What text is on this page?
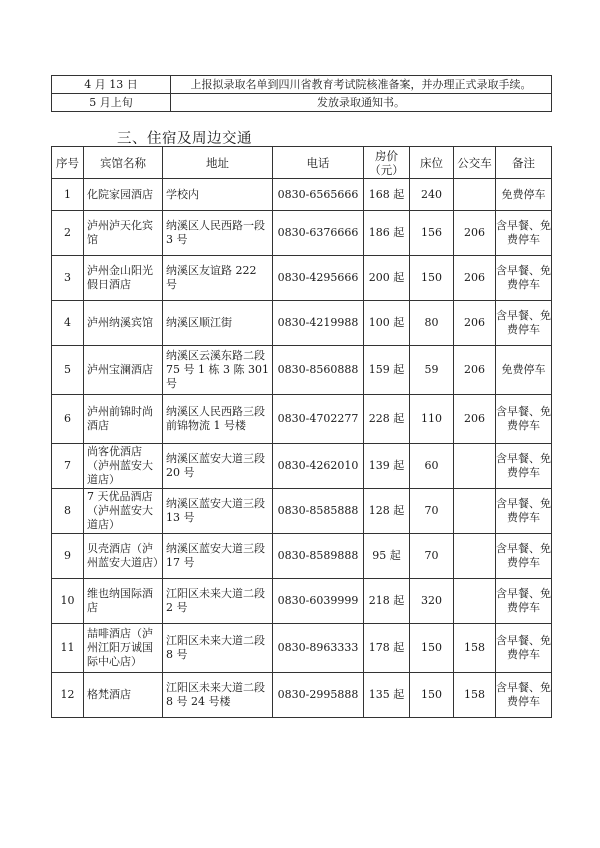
4 月 13 日	上报拟录取名单到四川省教育考试院核准备案，并办理正式录取手续。
5 月上旬	发放录取通知书。
三、住宿及周边交通
序号	宾馆名称	地址	电话	房价（元）	床位	公交车	备注
1	化院家园酒店	学校内	0830-6565666	168 起	240		免费停车
2	泸州泸天化宾馆	纳溪区人民西路一段 3 号	0830-6376666	186 起	156	206	含早餐、免费停车
3	泸州金山阳光假日酒店	纳溪区友谊路 222 号	0830-4295666	200 起	150	206	含早餐、免费停车
4	泸州纳溪宾馆	纳溪区顺江街	0830-4219988	100 起	80	206	含早餐、免费停车
5	泸州宝澜酒店	纳溪区云溪东路二段 75 号 1 栋 3 陈 301 号	0830-8560888	159 起	59	206	免费停车
6	泸州前锦时尚酒店	纳溪区人民西路三段前锦物流 1 号楼	0830-4702277	228 起	110	206	含早餐、免费停车
7	尚客优酒店（泸州蓝安大道店）	纳溪区蓝安大道三段 20 号	0830-4262010	139 起	60		含早餐、免费停车
8	7 天优品酒店（泸州蓝安大道店）	纳溪区蓝安大道三段 13 号	0830-8585888	128 起	70		含早餐、免费停车
9	贝壳酒店（泸州蓝安大道店）	纳溪区蓝安大道三段 17 号	0830-8589888	95 起	70		含早餐、免费停车
10	维也纳国际酒店	江阳区未来大道二段 2 号	0830-6039999	218 起	320		含早餐、免费停车
11	喆啡酒店（泸州江阳万诚国际中心店）	江阳区未来大道二段 8 号	0830-8963333	178 起	150	158	含早餐、免费停车
12	格梵酒店	江阳区未来大道二段 8 号 24 号楼	0830-2995888	135 起	150	158	含早餐、免费停车
